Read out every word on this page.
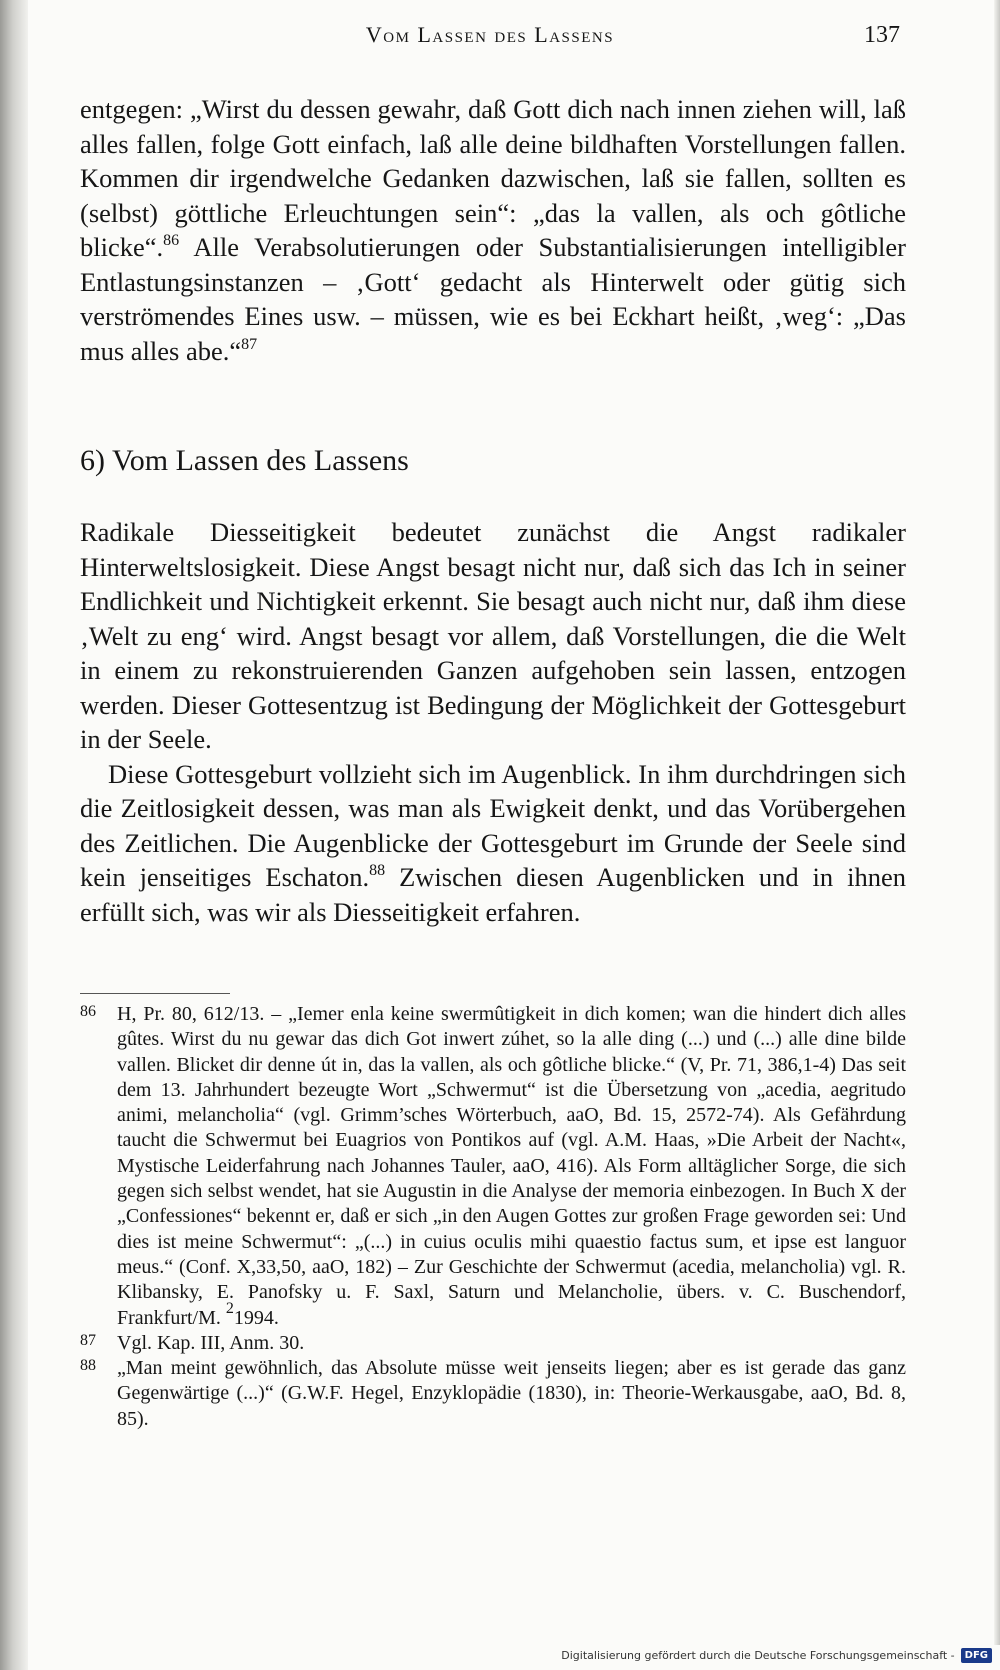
Vom Lassen des Lassens	137

entgegen: „Wirst du dessen gewahr, daß Gott dich nach innen ziehen will, laß alles fallen, folge Gott einfach, laß alle deine bildhaften Vorstellungen fallen. Kommen dir irgendwelche Gedanken dazwischen, laß sie fallen, sollten es (selbst) göttliche Erleuchtungen sein“: „das la vallen, als och gôtliche blicke“.$^{86}$ Alle Verabsolutierungen oder Substantialisierungen intelligibler Entlastungsinstanzen – ‚Gott‘ gedacht als Hinterwelt oder gütig sich verströmendes Eines usw. – müssen, wie es bei Eckhart heißt, ‚weg‘: „Das mus alles abe.“$^{87}$

6) Vom Lassen des Lassens

Radikale Diesseitigkeit bedeutet zunächst die Angst radikaler Hinterweltslosigkeit. Diese Angst besagt nicht nur, daß sich das Ich in seiner Endlichkeit und Nichtigkeit erkennt. Sie besagt auch nicht nur, daß ihm diese ‚Welt zu eng‘ wird. Angst besagt vor allem, daß Vorstellungen, die die Welt in einem zu rekonstruierenden Ganzen aufgehoben sein lassen, entzogen werden. Dieser Gottesentzug ist Bedingung der Möglichkeit der Gottesgeburt in der Seele.

Diese Gottesgeburt vollzieht sich im Augenblick. In ihm durchdringen sich die Zeitlosigkeit dessen, was man als Ewigkeit denkt, und das Vorübergehen des Zeitlichen. Die Augenblicke der Gottesgeburt im Grunde der Seele sind kein jenseitiges Eschaton.$^{88}$ Zwischen diesen Augenblicken und in ihnen erfüllt sich, was wir als Diesseitigkeit erfahren.

86 H, Pr. 80, 612/13. – „Iemer enla keine swermûtigkeit in dich komen; wan die hindert dich alles gûtes. Wirst du nu gewar das dich Got inwert zúhet, so la alle ding (...) und (...) alle dine bilde vallen. Blicket dir denne út in, das la vallen, als och gôtliche blicke.“ (V, Pr. 71, 386,1-4) Das seit dem 13. Jahrhundert bezeugte Wort „Schwermut“ ist die Übersetzung von „acedia, aegritudo animi, melancholia“ (vgl. Grimm’sches Wörterbuch, aaO, Bd. 15, 2572-74). Als Gefährdung taucht die Schwermut bei Euagrios von Pontikos auf (vgl. A.M. Haas, »Die Arbeit der Nacht«, Mystische Leiderfahrung nach Johannes Tauler, aaO, 416). Als Form alltäglicher Sorge, die sich gegen sich selbst wendet, hat sie Augustin in die Analyse der memoria einbezogen. In Buch X der „Confessiones“ bekennt er, daß er sich „in den Augen Gottes zur großen Frage geworden sei: Und dies ist meine Schwermut“: „(...) in cuius oculis mihi quaestio factus sum, et ipse est languor meus.“ (Conf. X,33,50, aaO, 182) – Zur Geschichte der Schwermut (acedia, melancholia) vgl. R. Klibansky, E. Panofsky u. F. Saxl, Saturn und Melancholie, übers. v. C. Buschendorf, Frankfurt/M. $^2$1994.
87 Vgl. Kap. III, Anm. 30.
88 „Man meint gewöhnlich, das Absolute müsse weit jenseits liegen; aber es ist gerade das ganz Gegenwärtige (...)“ (G.W.F. Hegel, Enzyklopädie (1830), in: Theorie-Werkausgabe, aaO, Bd. 8, 85).
Digitalisierung gefördert durch die Deutsche Forschungsgemeinschaft -	DFG
